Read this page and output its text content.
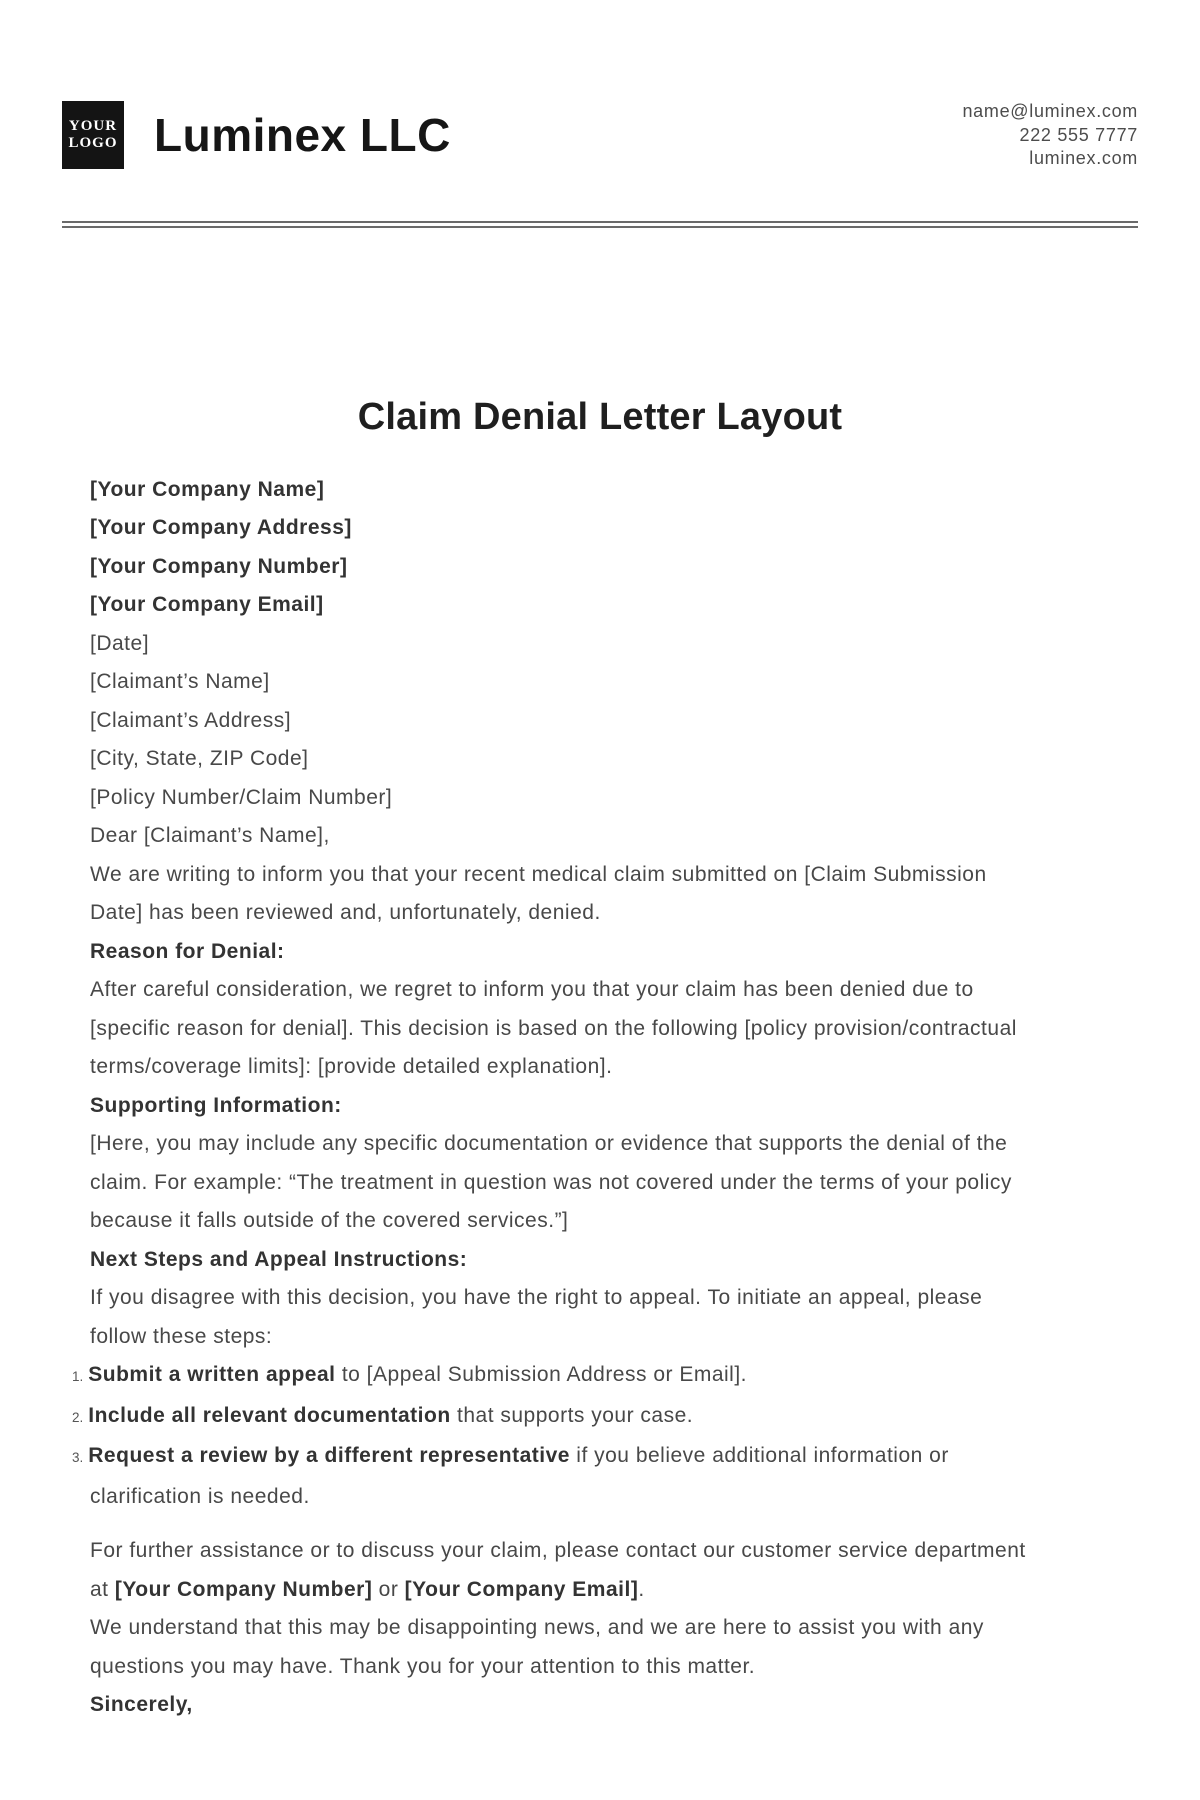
YOUR
LOGO Luminex LLC	name@luminex.com
222 555 7777
luminex.com
Claim Denial Letter Layout
[Your Company Name]
[Your Company Address]
[Your Company Number]
[Your Company Email]
[Date]
[Claimant’s Name]
[Claimant’s Address]
[City, State, ZIP Code]
[Policy Number/Claim Number]

Dear [Claimant’s Name],

We are writing to inform you that your recent medical claim submitted on [Claim Submission Date] has been reviewed and, unfortunately, denied.

Reason for Denial:

After careful consideration, we regret to inform you that your claim has been denied due to [specific reason for denial]. This decision is based on the following [policy provision/contractual terms/coverage limits]: [provide detailed explanation].

Supporting Information:

[Here, you may include any specific documentation or evidence that supports the denial of the claim. For example: “The treatment in question was not covered under the terms of your policy because it falls outside of the covered services.”]

Next Steps and Appeal Instructions:

If you disagree with this decision, you have the right to appeal. To initiate an appeal, please follow these steps:

1. Submit a written appeal to [Appeal Submission Address or Email].
2. Include all relevant documentation that supports your case.
3. Request a review by a different representative if you believe additional information or clarification is needed.

For further assistance or to discuss your claim, please contact our customer service department at [Your Company Number] or [Your Company Email].

We understand that this may be disappointing news, and we are here to assist you with any questions you may have. Thank you for your attention to this matter.

Sincerely,
